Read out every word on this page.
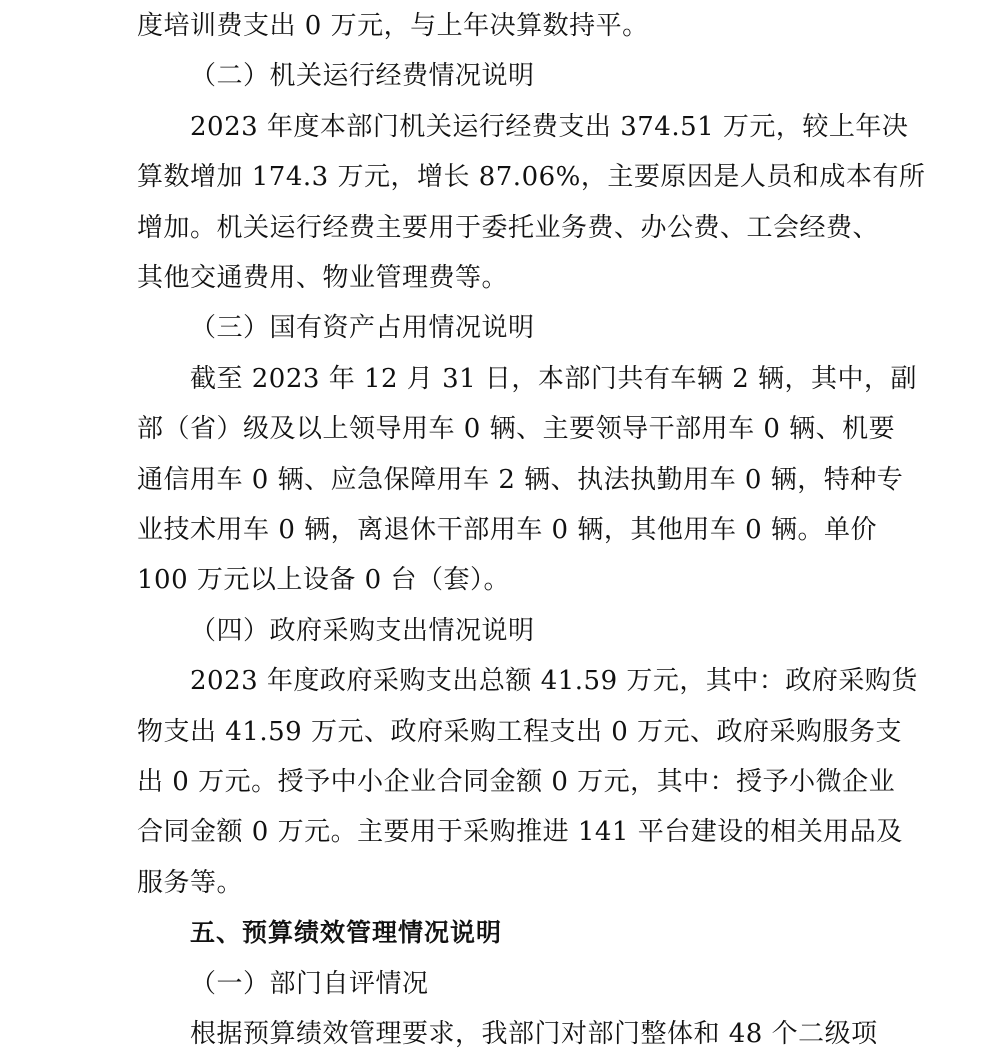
度培训费支出 0 万元，与上年决算数持平。
（二）机关运行经费情况说明
2023 年度本部门机关运行经费支出 374.51 万元，较上年决
算数增加 174.3 万元，增长 87.06%，主要原因是人员和成本有所
增加。机关运行经费主要用于委托业务费、办公费、工会经费、
其他交通费用、物业管理费等。
（三）国有资产占用情况说明
截至 2023 年 12 月 31 日，本部门共有车辆 2 辆，其中，副
部（省）级及以上领导用车 0 辆、主要领导干部用车 0 辆、机要
通信用车 0 辆、应急保障用车 2 辆、执法执勤用车 0 辆，特种专
业技术用车 0 辆，离退休干部用车 0 辆，其他用车 0 辆。单价
100 万元以上设备 0 台（套）。
（四）政府采购支出情况说明
2023 年度政府采购支出总额 41.59 万元，其中：政府采购货
物支出 41.59 万元、政府采购工程支出 0 万元、政府采购服务支
出 0 万元。授予中小企业合同金额 0 万元，其中：授予小微企业
合同金额 0 万元。主要用于采购推进 141 平台建设的相关用品及
服务等。
五、预算绩效管理情况说明
（一）部门自评情况
根据预算绩效管理要求，我部门对部门整体和 48 个二级项
